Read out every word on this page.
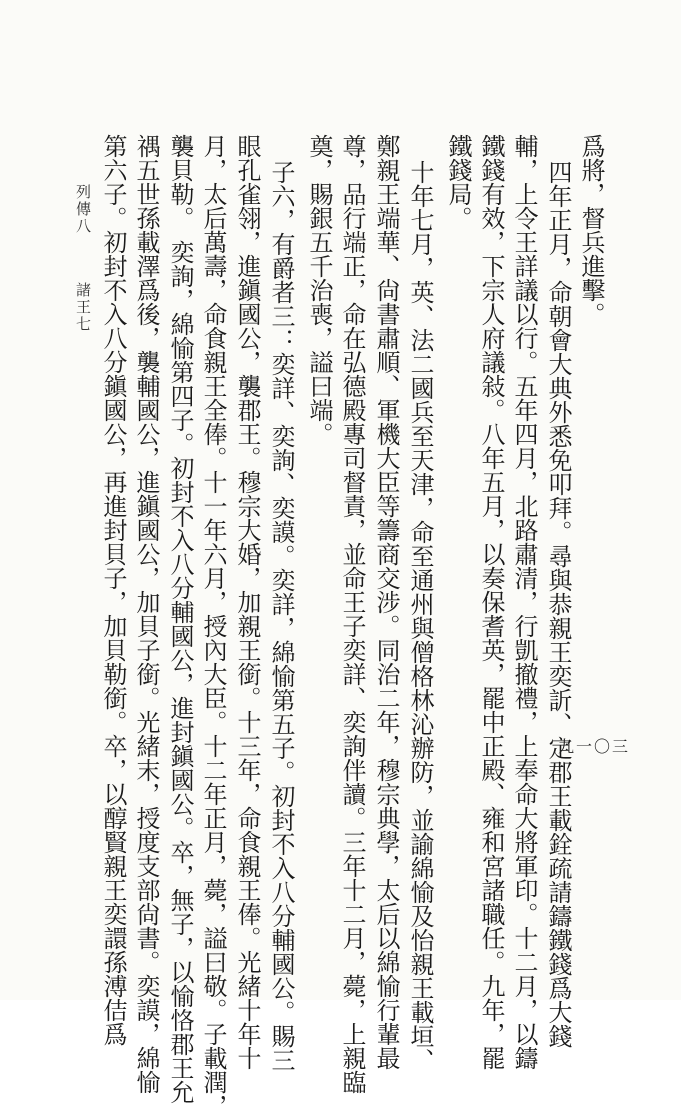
爲將，督兵進擊。
四年正月，命朝會大典外悉免叩拜。尋與恭親王奕訢、定郡王載銓疏請鑄鐵錢爲大錢
輔，上令王詳議以行。五年四月，北路肅清，行凱撤禮，上奉命大將軍印。十二月，以鑄
鐵錢有效，下宗人府議敍。八年五月，以奏保耆英，罷中正殿、雍和宮諸職任。九年，罷
鐵錢局。
十年七月，英、法二國兵至天津，命至通州與僧格林沁辦防，並諭綿愉及怡親王載垣、
鄭親王端華、尙書肅順、軍機大臣等籌商交涉。同治二年，穆宗典學，太后以綿愉行輩最
尊，品行端正，命在弘德殿專司督責，並命王子奕詳、奕詢伴讀。三年十二月，薨，上親臨
奠，賜銀五千治喪，謚曰端。
子六，有爵者三：奕詳、奕詢、奕謨。奕詳，綿愉第五子。初封不入八分輔國公。賜三
眼孔雀翎，進鎭國公，襲郡王。穆宗大婚，加親王銜。十三年，命食親王俸。光緒十年十
月，太后萬壽，命食親王全俸。十一年六月，授內大臣。十二年正月，薨，謚曰敬。子載潤，
襲貝勒。
奕詢，綿愉第四子。初封不入八分輔國公，進封鎭國公。卒，無子，以愉恪郡王允
禑五世孫載澤爲後，襲輔國公，進鎭國公，加貝子銜。光緒末，授度支部尙書。奕謨，綿愉
第六子。初封不入八分鎭國公，再進封貝子，加貝勒銜。卒，以醇賢親王奕譞孫溥佶爲
列傳八
諸王七
九一〇三
